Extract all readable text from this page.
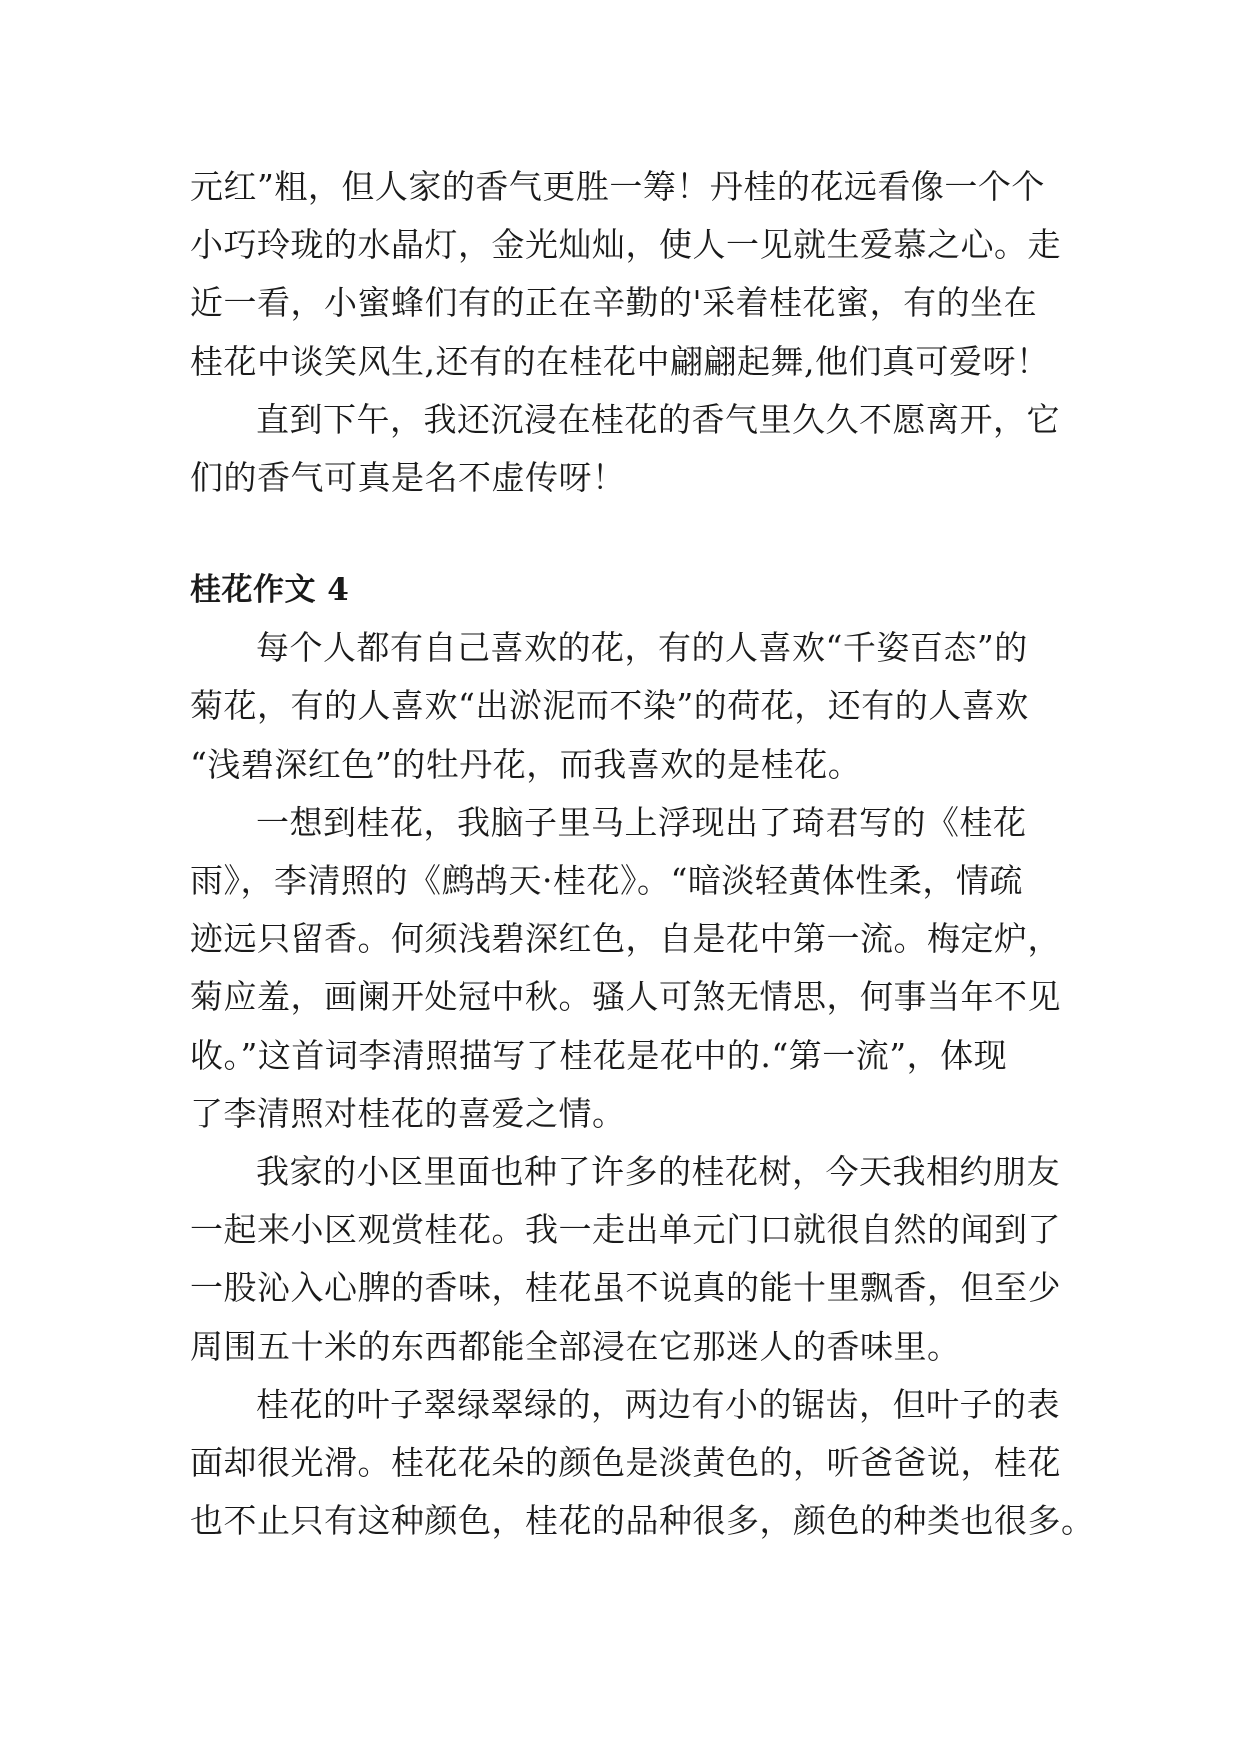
元红”粗，但人家的香气更胜一筹！丹桂的花远看像一个个
小巧玲珑的水晶灯，金光灿灿，使人一见就生爱慕之心。走
近一看，小蜜蜂们有的正在辛勤的'采着桂花蜜，有的坐在
桂花中谈笑风生,还有的在桂花中翩翩起舞,他们真可爱呀！

直到下午，我还沉浸在桂花的香气里久久不愿离开，它
们的香气可真是名不虚传呀！

桂花作文 4

每个人都有自己喜欢的花，有的人喜欢“千姿百态”的
菊花，有的人喜欢“出淤泥而不染”的荷花，还有的人喜欢
“浅碧深红色”的牡丹花，而我喜欢的是桂花。

一想到桂花，我脑子里马上浮现出了琦君写的《桂花
雨》，李清照的《鹧鸪天·桂花》。“暗淡轻黄体性柔，情疏
迹远只留香。何须浅碧深红色，自是花中第一流。梅定炉，
菊应羞，画阑开处冠中秋。骚人可煞无情思，何事当年不见
收。”这首词李清照描写了桂花是花中的.“第一流”，体现
了李清照对桂花的喜爱之情。

我家的小区里面也种了许多的桂花树，今天我相约朋友
一起来小区观赏桂花。我一走出单元门口就很自然的闻到了
一股沁入心脾的香味，桂花虽不说真的能十里飘香，但至少
周围五十米的东西都能全部浸在它那迷人的香味里。

桂花的叶子翠绿翠绿的，两边有小的锯齿，但叶子的表
面却很光滑。桂花花朵的颜色是淡黄色的，听爸爸说，桂花
也不止只有这种颜色，桂花的品种很多，颜色的种类也很多。
